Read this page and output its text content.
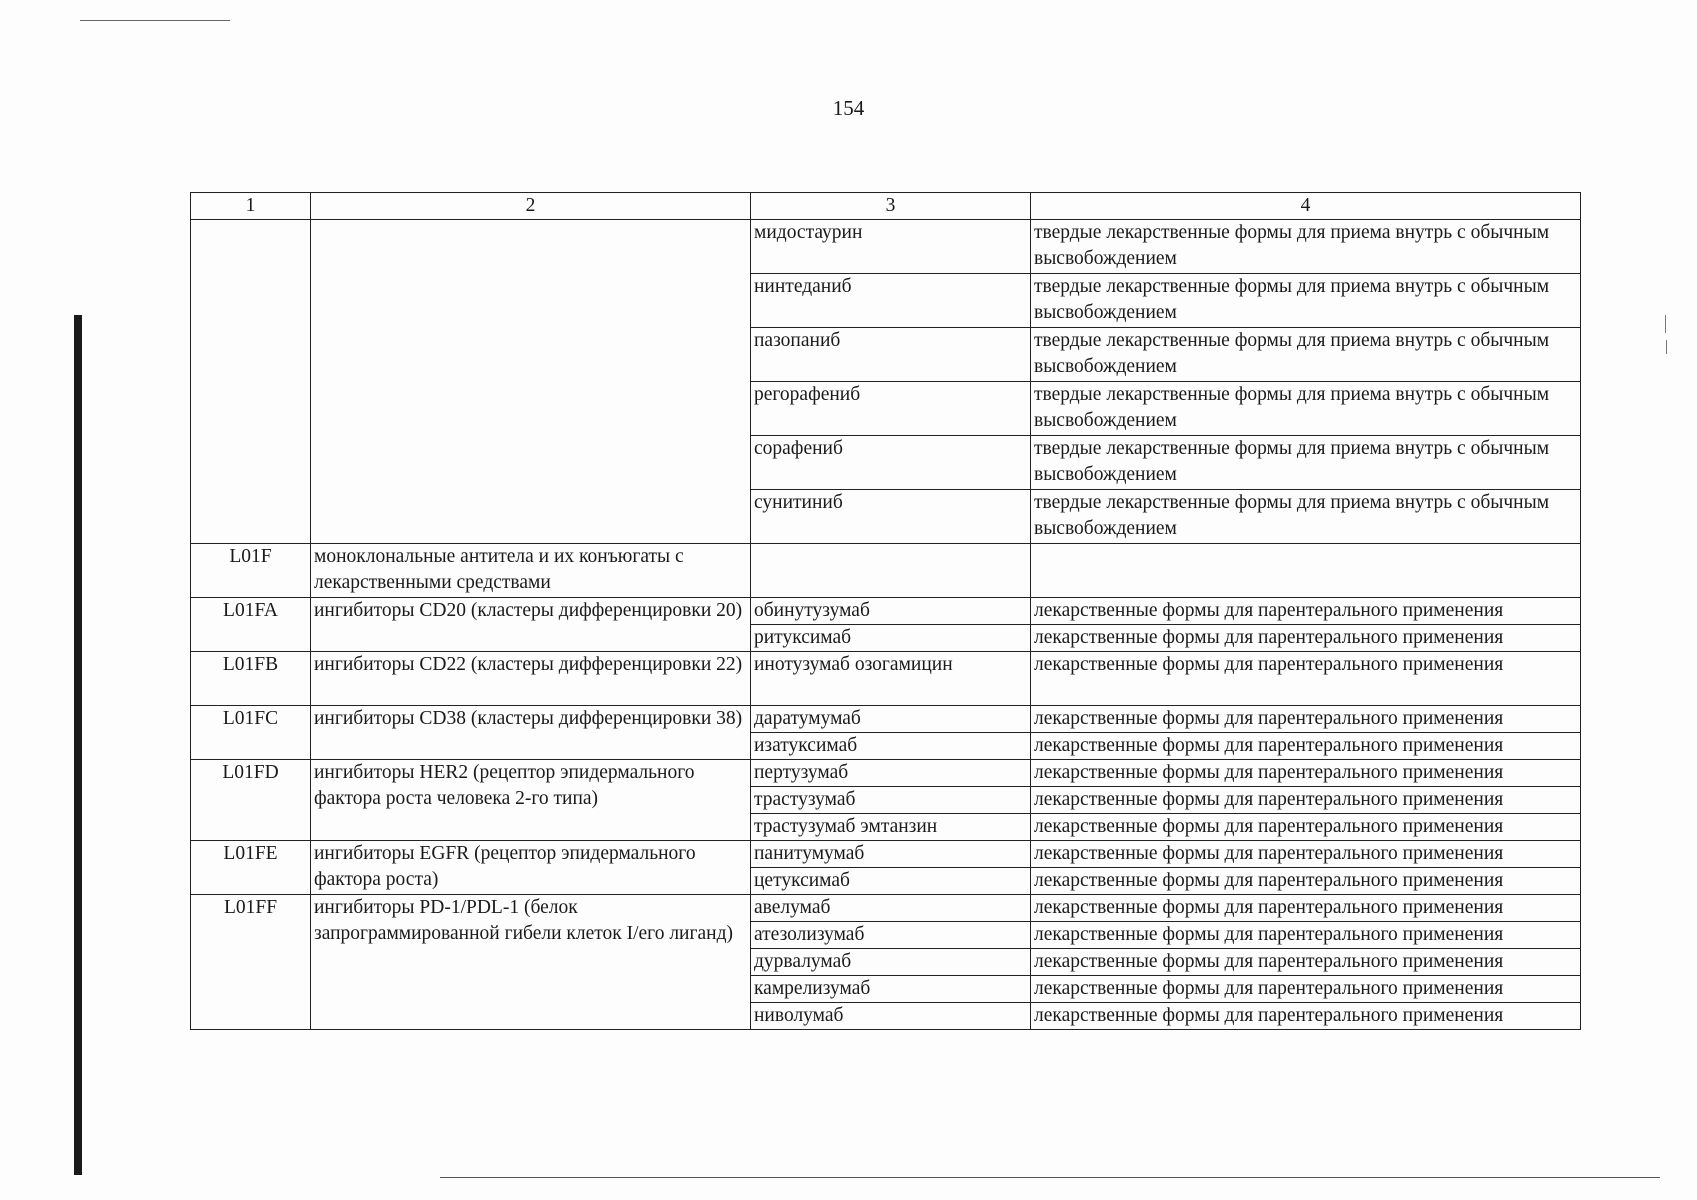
154
1	2	3	4
		мидостаурин	твердые лекарственные формы для приема внутрь с обычным высвобождением
		нинтеданиб	твердые лекарственные формы для приема внутрь с обычным высвобождением
		пазопаниб	твердые лекарственные формы для приема внутрь с обычным высвобождением
		регорафениб	твердые лекарственные формы для приема внутрь с обычным высвобождением
		сорафениб	твердые лекарственные формы для приема внутрь с обычным высвобождением
		сунитиниб	твердые лекарственные формы для приема внутрь с обычным высвобождением
L01F	моноклональные антитела и их конъюгаты с лекарственными средствами		
L01FA	ингибиторы CD20 (кластеры дифференцировки 20)	обинутузумаб	лекарственные формы для парентерального применения
		ритуксимаб	лекарственные формы для парентерального применения
L01FB	ингибиторы CD22 (кластеры дифференцировки 22)	инотузумаб озогамицин	лекарственные формы для парентерального применения
L01FC	ингибиторы CD38 (кластеры дифференцировки 38)	даратумумаб	лекарственные формы для парентерального применения
		изатуксимаб	лекарственные формы для парентерального применения
L01FD	ингибиторы HER2 (рецептор эпидермального фактора роста человека 2-го типа)	пертузумаб	лекарственные формы для парентерального применения
		трастузумаб	лекарственные формы для парентерального применения
		трастузумаб эмтанзин	лекарственные формы для парентерального применения
L01FE	ингибиторы EGFR (рецептор эпидермального фактора роста)	панитумумаб	лекарственные формы для парентерального применения
		цетуксимаб	лекарственные формы для парентерального применения
L01FF	ингибиторы PD-1/PDL-1 (белок запрограммированной гибели клеток I/его лиганд)	авелумаб	лекарственные формы для парентерального применения
		атезолизумаб	лекарственные формы для парентерального применения
		дурвалумаб	лекарственные формы для парентерального применения
		камрелизумаб	лекарственные формы для парентерального применения
		ниволумаб	лекарственные формы для парентерального применения
